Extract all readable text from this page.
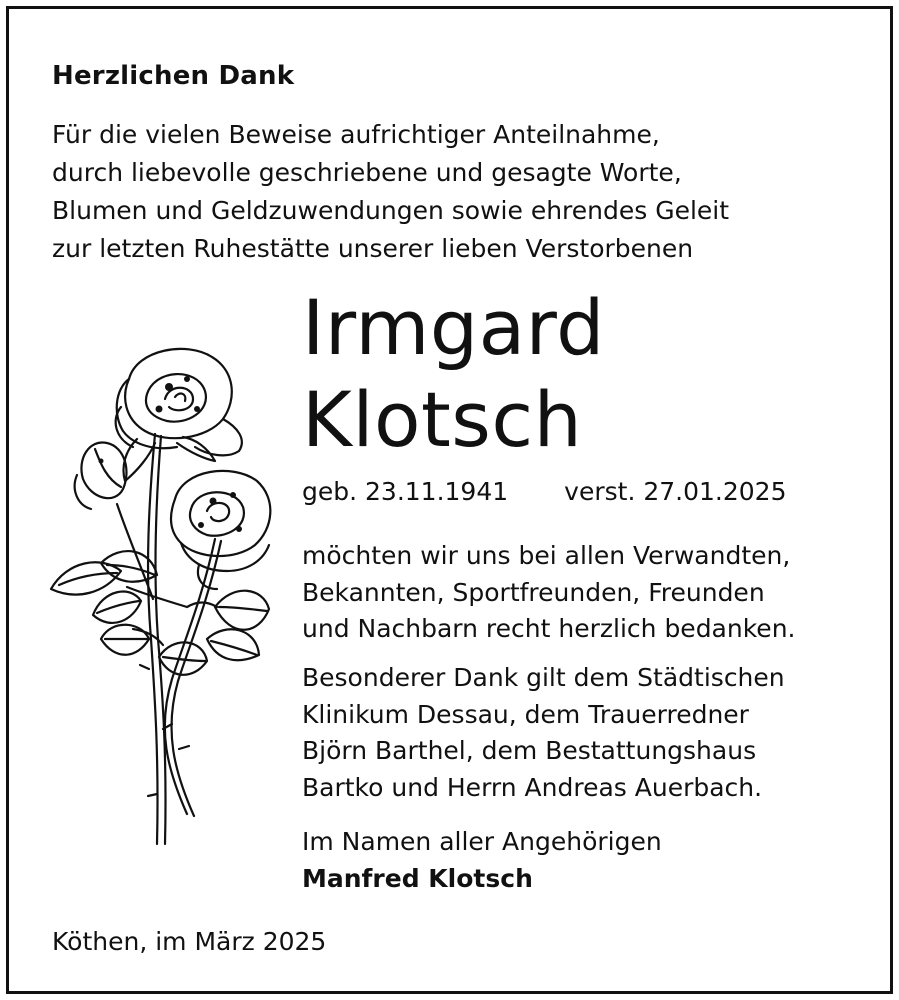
Herzlichen Dank
Für die vielen Beweise aufrichtiger Anteilnahme,
durch liebevolle geschriebene und gesagte Worte,
Blumen und Geldzuwendungen sowie ehrendes Geleit
zur letzten Ruhestätte unserer lieben Verstorbenen
Irmgard
Klotsch
geb. 23.11.1941 verst. 27.01.2025
möchten wir uns bei allen Verwandten,
Bekannten, Sportfreunden, Freunden
und Nachbarn recht herzlich bedanken.
Besonderer Dank gilt dem Städtischen
Klinikum Dessau, dem Trauerredner
Björn Barthel, dem Bestattungshaus
Bartko und Herrn Andreas Auerbach.
Im Namen aller Angehörigen
Manfred Klotsch
Köthen, im März 2025
